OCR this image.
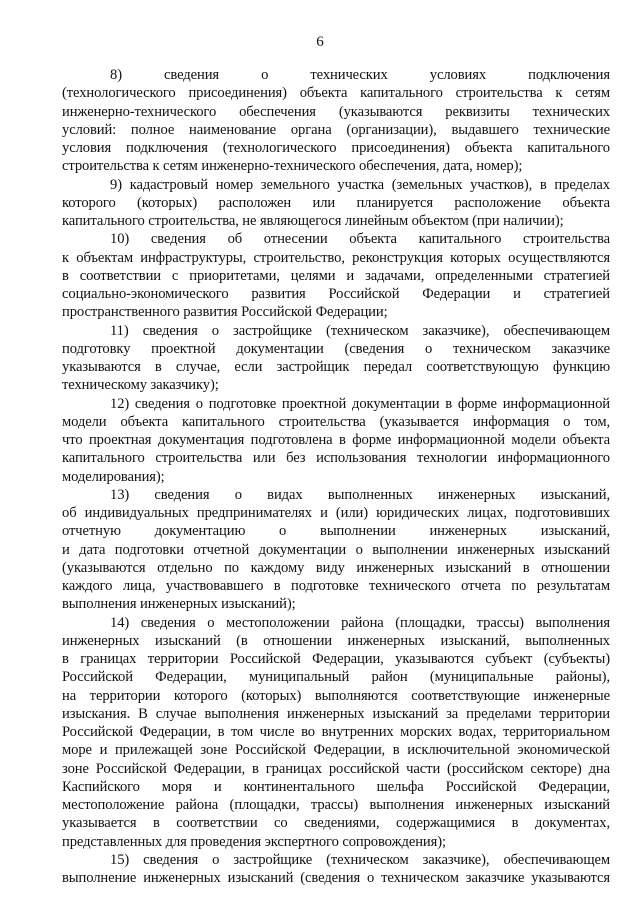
6
8) сведения о технических условиях подключения
(технологического присоединения) объекта капитального строительства к сетям
инженерно-технического обеспечения (указываются реквизиты технических
условий: полное наименование органа (организации), выдавшего технические
условия подключения (технологического присоединения) объекта капитального
строительства к сетям инженерно-технического обеспечения, дата, номер);
9) кадастровый номер земельного участка (земельных участков), в пределах
которого (которых) расположен или планируется расположение объекта
капитального строительства, не являющегося линейным объектом (при наличии);
10) сведения об отнесении объекта капитального строительства
к объектам инфраструктуры, строительство, реконструкция которых осуществляются
в соответствии с приоритетами, целями и задачами, определенными стратегией
социально-экономического развития Российской Федерации и стратегией
пространственного развития Российской Федерации;
11) сведения о застройщике (техническом заказчике), обеспечивающем
подготовку проектной документации (сведения о техническом заказчике
указываются в случае, если застройщик передал соответствующую функцию
техническому заказчику);
12) сведения о подготовке проектной документации в форме информационной
модели объекта капитального строительства (указывается информация о том,
что проектная документация подготовлена в форме информационной модели объекта
капитального строительства или без использования технологии информационного
моделирования);
13) сведения о видах выполненных инженерных изысканий,
об индивидуальных предпринимателях и (или) юридических лицах, подготовивших
отчетную документацию о выполнении инженерных изысканий,
и дата подготовки отчетной документации о выполнении инженерных изысканий
(указываются отдельно по каждому виду инженерных изысканий в отношении
каждого лица, участвовавшего в подготовке технического отчета по результатам
выполнения инженерных изысканий);
14) сведения о местоположении района (площадки, трассы) выполнения
инженерных изысканий (в отношении инженерных изысканий, выполненных
в границах территории Российской Федерации, указываются субъект (субъекты)
Российской Федерации, муниципальный район (муниципальные районы),
на территории которого (которых) выполняются соответствующие инженерные
изыскания. В случае выполнения инженерных изысканий за пределами территории
Российской Федерации, в том числе во внутренних морских водах, территориальном
море и прилежащей зоне Российской Федерации, в исключительной экономической
зоне Российской Федерации, в границах российской части (российском секторе) дна
Каспийского моря и континентального шельфа Российской Федерации,
местоположение района (площадки, трассы) выполнения инженерных изысканий
указывается в соответствии со сведениями, содержащимися в документах,
представленных для проведения экспертного сопровождения);
15) сведения о застройщике (техническом заказчике), обеспечивающем
выполнение инженерных изысканий (сведения о техническом заказчике указываются
